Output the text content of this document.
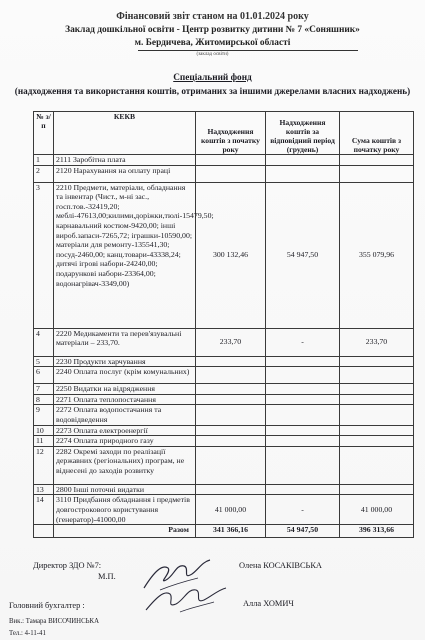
Фінансовий звіт станом на 01.01.2024 року
Заклад дошкільної освіти - Центр розвитку дитини № 7 «Соняшник»
м. Бердичева, Житомирської області
(заклад освіти)
Спеціальний фонд
(надходження та використання коштів, отриманих за іншими джерелами власних надходжень)
№ з/п	КЕКВ	Надходження коштів з початку року	Надходження коштів за відповідний період (грудень)	Сума коштів з початку року
1	2111 Заробітна плата			
2	2120 Нарахування на оплату праці			
3	2210 Предмети, матеріали, обладнання та інвентар (Чист., м-ні зас., госп.тов.-32419,20; меблі-47613,00;килими,доріжки,тюлі-15479,50; карнавальний костюм-9420,00; інші вироб.запаси-7265,72; іграшки-10590,00; матеріали для ремонту-135541,30; посуд-2460,00; канц.товари-43338,24; дитячі ігрові набори-24240,00; подарункові набори-23364,00; водонагрівач-3349,00)	300 132,46	54 947,50	355 079,96
4	2220 Медикаменти та перев'язувальні матеріали – 233,70.	233,70	-	233,70
5	2230 Продукти харчування			
6	2240 Оплата послуг (крім комунальних)			
7	2250 Видатки на відрядження			
8	2271 Оплата теплопостачання			
9	2272 Оплата водопостачання та водовідведення			
10	2273 Оплата електроенергії			
11	2274 Оплата природного газу			
12	2282 Окремі заходи по реалізації державних (регіональних) програм, не віднесені до заходів розвитку			
13	2800 Інші поточні видатки			
14	3110 Придбання обладнання і предметів довгострокового користування (генератор)-41000,00	41 000,00	-	41 000,00
	Разом	341 366,16	54 947,50	396 313,66
Директор ЗДО №7:
М.П.
Олена КОСАКІВСЬКА
Головний бухгалтер :	Алла ХОМИЧ
Вик.: Тамара ВИСОЧИНСЬКА
Тел.: 4-11-41
